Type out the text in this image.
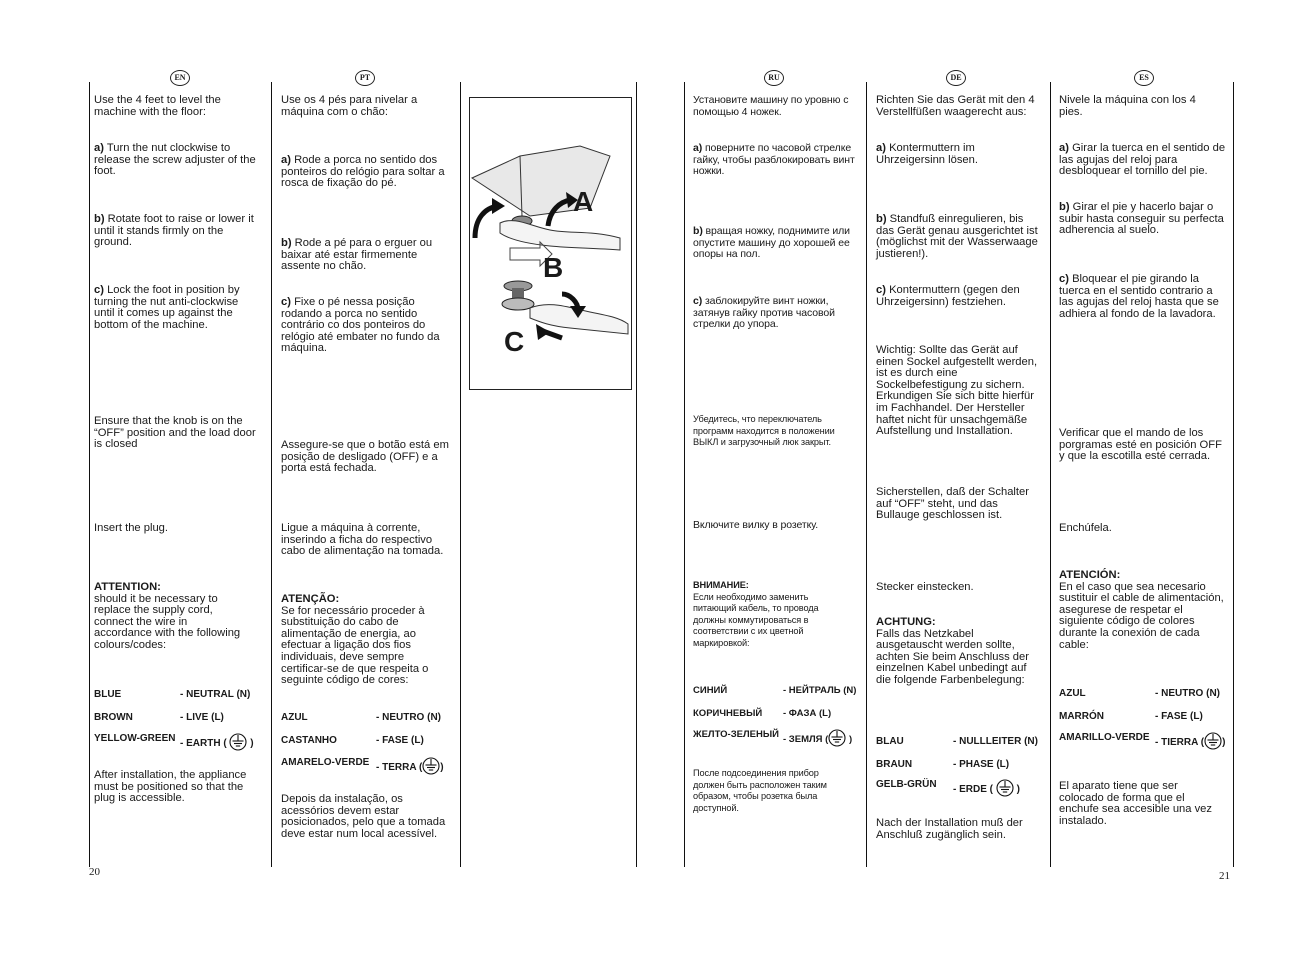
EN	PT	RU	DE	ES
Use the 4 feet to level the machine with the floor:
a) Turn the nut clockwise to release the screw adjuster of the foot.
b) Rotate foot to raise or lower it until it stands firmly on the ground.
c) Lock the foot in position by turning the nut anti-clockwise until it comes up against the bottom of the machine.
Ensure that the knob is on the “OFF” position and the load door is closed
Insert the plug.
ATTENTION:
should it be necessary to replace the supply cord, connect the wire in accordance with the following colours/codes:
BLUE	- NEUTRAL (N)
BROWN	- LIVE (L)
YELLOW-GREEN - EARTH ( )
After installation, the appliance must be positioned so that the plug is accessible.
Use os 4 pés para nivelar a máquina com o chão:
a) Rode a porca no sentido dos ponteiros do relógio para soltar a rosca de fixação do pé.
b) Rode a pé para o erguer ou baixar até estar firmemente assente no chão.
c) Fixe o pé nessa posição rodando a porca no sentido contrário co dos ponteiros do relógio até embater no fundo da máquina.
Assegure-se que o botão está em posição de desligado (OFF) e a porta está fechada.
Ligue a máquina à corrente, inserindo a ficha do respectivo cabo de alimentação na tomada.
ATENÇÃO:
Se for necessário proceder à substituição do cabo de alimentação de energia, ao efectuar a ligação dos fios individuais, deve sempre certificar-se de que respeita o seguinte código de cores:
AZUL	- NEUTRO (N)
CASTANHO	- FASE (L)
AMARELO-VERDE - TERRA ( )
Depois da instalação, os acessórios devem estar posicionados, pelo que a tomada deve estar num local acessível.
A
B
C
Установите машину по уровню с помощью 4 ножек.
a) поверните по часовой стрелке гайку, чтобы разблокировать винт ножки.
b) вращая ножку, поднимите или опустите машину до хорошей ее опоры на пол.
c) заблокируйте винт ножки, затянув гайку против часовой стрелки до упора.
Убедитесь, что переключатель программ находится в положении ВЫКЛ и загрузочный люк закрыт.
Включите вилку в розетку.
ВНИМАНИЕ:
Если необходимо заменить питающий кабель, то провода должны коммутироваться в соответствии с их цветной маркировкой:
СИНИЙ	- НЕЙТРАЛЬ (N)
КОРИЧНЕВЫЙ - ФАЗА (L)
ЖЕЛТО-ЗЕЛЕНЫЙ - ЗЕМЛЯ ( )
После подсоединения прибор должен быть расположен таким образом, чтобы розетка была доступной.
Richten Sie das Gerät mit den 4 Verstellfüßen waagerecht aus:
a) Kontermuttern im Uhrzeigersinn lösen.
b) Standfuß einregulieren, bis das Gerät genau ausgerichtet ist (möglichst mit der Wasserwaage justieren!).
c) Kontermuttern (gegen den Uhrzeigersinn) festziehen.
Wichtig: Sollte das Gerät auf einen Sockel aufgestellt werden, ist es durch eine Sockelbefestigung zu sichern. Erkundigen Sie sich bitte hierfür im Fachhandel. Der Hersteller haftet nicht für unsachgemäße Aufstellung und Installation.
Sicherstellen, daß der Schalter auf “OFF” steht, und das Bullauge geschlossen ist.
Stecker einstecken.
ACHTUNG:
Falls das Netzkabel ausgetauscht werden sollte, achten Sie beim Anschluss der einzelnen Kabel unbedingt auf die folgende Farbenbelegung:
BLAU	- NULLLEITER (N)
BRAUN	- PHASE (L)
GELB-GRÜN - ERDE ( )
Nach der Installation muß der Anschluß zugänglich sein.
Nivele la máquina con los 4 pies.
a) Girar la tuerca en el sentido de las agujas del reloj para desbloquear el tornillo del pie.
b) Girar el pie y hacerlo bajar o subir hasta conseguir su perfecta adherencia al suelo.
c) Bloquear el pie girando la tuerca en el sentido contrario a las agujas del reloj hasta que se adhiera al fondo de la lavadora.
Verificar que el mando de los porgramas esté en posición OFF y que la escotilla esté cerrada.
Enchúfela.
ATENCIÓN:
En el caso que sea necesario sustituir el cable de alimentación, asegurese de respetar el siguiente código de colores durante la conexión de cada cable:
AZUL	- NEUTRO (N)
MARRÓN	- FASE (L)
AMARILLO-VERDE - TIERRA ( )
El aparato tiene que ser colocado de forma que el enchufe sea accesible una vez instalado.
20	21
